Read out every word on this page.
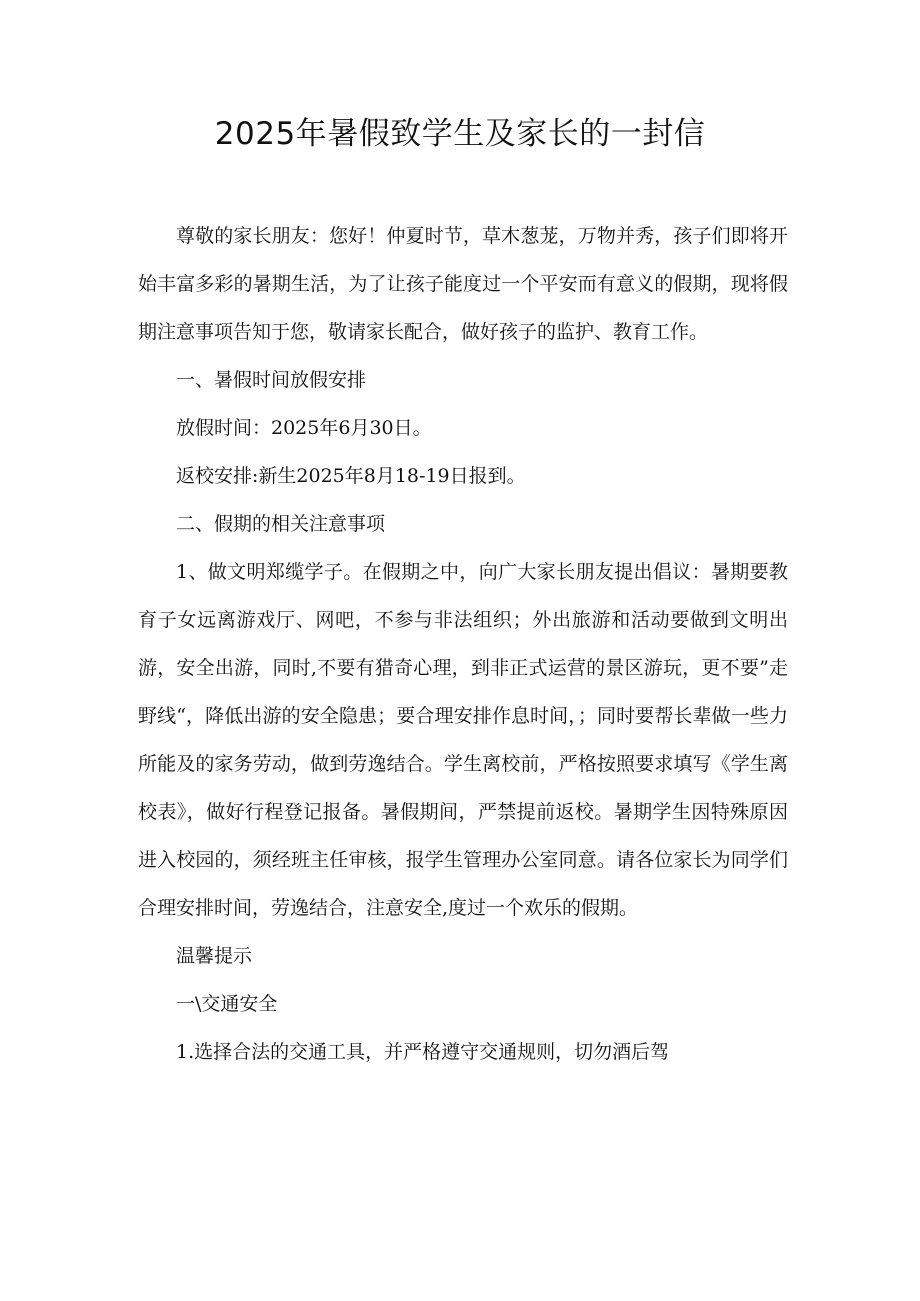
2025年暑假致学生及家长的一封信

尊敬的家长朋友：您好！仲夏时节，草木葱茏，万物并秀，孩子们即将开始丰富多彩的暑期生活，为了让孩子能度过一个平安而有意义的假期，现将假期注意事项告知于您，敬请家长配合，做好孩子的监护、教育工作。

一、暑假时间放假安排

放假时间：2025年6月30日。

返校安排:新生2025年8月18-19日报到。

二、假期的相关注意事项

1、做文明郑缆学子。在假期之中，向广大家长朋友提出倡议：暑期要教育子女远离游戏厅、网吧，不参与非法组织；外出旅游和活动要做到文明出游，安全出游，同时,不要有猎奇心理，到非正式运营的景区游玩，更不要”走野线“，降低出游的安全隐患；要合理安排作息时间，；同时要帮长辈做一些力所能及的家务劳动，做到劳逸结合。学生离校前，严格按照要求填写《学生离校表》，做好行程登记报备。暑假期间，严禁提前返校。暑期学生因特殊原因进入校园的，须经班主任审核，报学生管理办公室同意。请各位家长为同学们合理安排时间，劳逸结合，注意安全,度过一个欢乐的假期。

温馨提示

一\交通安全

1.选择合法的交通工具，并严格遵守交通规则，切勿酒后驾
